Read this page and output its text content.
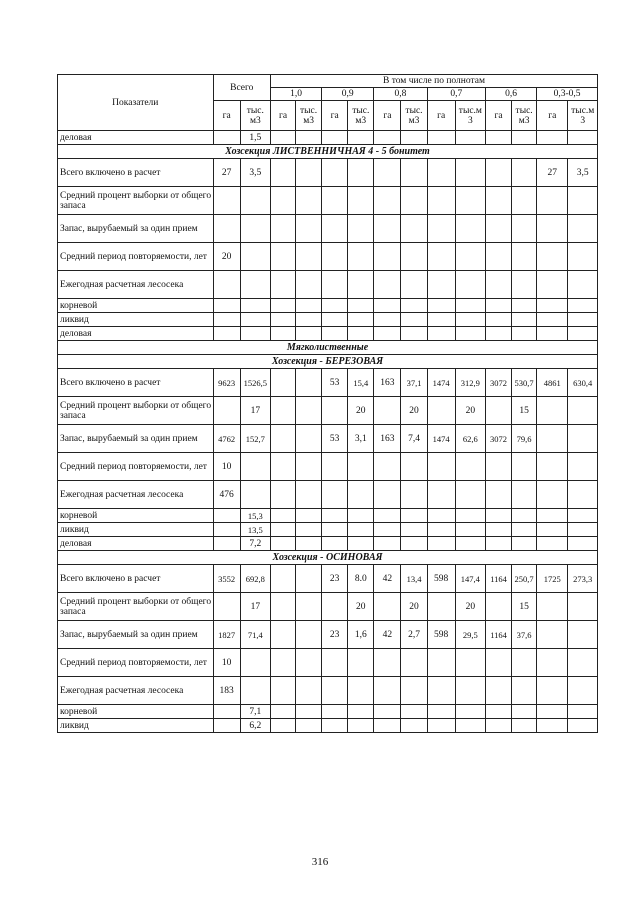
Показатели	Всего		В том числе по полнотам											
			1,0		0,9		0,8		0,7		0,6		0,3-0,5	
	га	тыс. м3	га	тыс. м3	га	тыс. м3	га	тыс. м3	га	тыс.м 3	га	тыс. м3	га	тыс.м 3
деловая		1,5												
Хозсекция ЛИСТВЕННИЧНАЯ 4 - 5 бонитет														
Всего включено в расчет	27	3,5											27	3,5
Средний процент выборки от общего запаса														
Запас, вырубаемый за один прием														
Средний период повторяемости, лет	20													
Ежегодная расчетная лесосека														
корневой														
ликвид														
деловая														
Мягколиственные														
Хозсекция - БЕРЕЗОВАЯ														
Всего включено в расчет	9623	1526,5			53	15,4	163	37,1	1474	312,9	3072	530,7	4861	630,4
Средний процент выборки от общего запаса		17				20		20		20		15		
Запас, вырубаемый за один прием	4762	152,7			53	3,1	163	7,4	1474	62,6	3072	79,6		
Средний период повторяемости, лет	10													
Ежегодная расчетная лесосека	476													
корневой		15,3												
ликвид		13,5												
деловая		7,2												
Хозсекция - ОСИНОВАЯ														
Всего включено в расчет	3552	692,8			23	8.0	42	13,4	598	147,4	1164	250,7	1725	273,3
Средний процент выборки от общего запаса		17				20		20		20		15		
Запас, вырубаемый за один прием	1827	71,4			23	1,6	42	2,7	598	29,5	1164	37,6		
Средний период повторяемости, лет	10													
Ежегодная расчетная лесосека	183													
корневой		7,1												
ликвид		6,2												
316
